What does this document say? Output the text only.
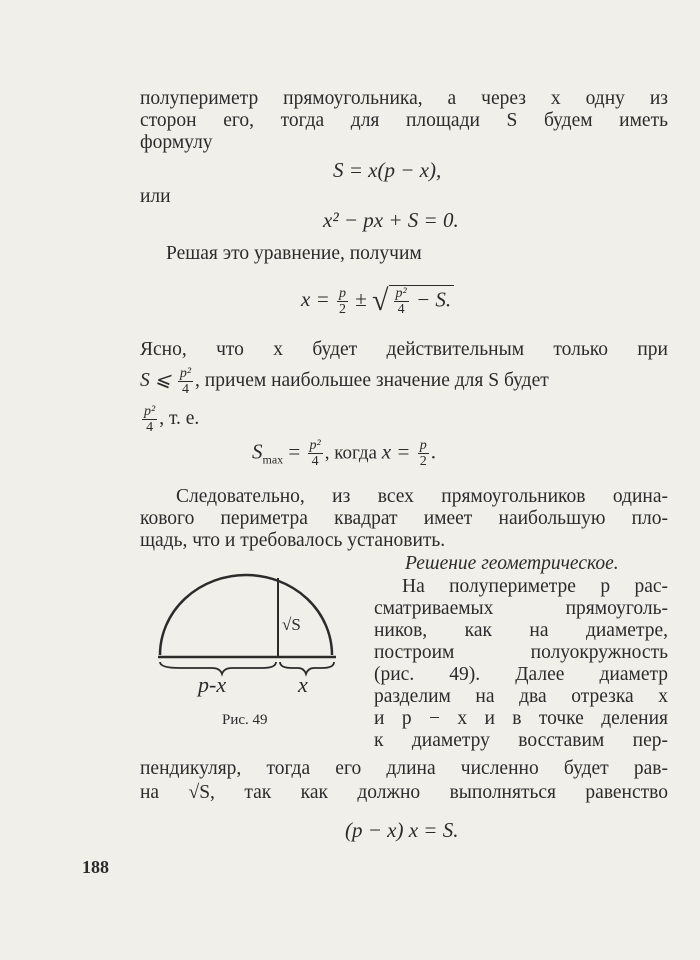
полупериметр прямоугольника, а через x одну из
сторон его, тогда для площади S будем иметь
формулу
S = x(p − x),
или
x² − px + S = 0.
Решая это уравнение, получим
$x = \frac{p}{2}$ ± √ $\frac{\text{p²}}{4} - S$.
Ясно, что x будет действительным только при
S ⩽ $\frac{\text{p²}}{4}$ , причем наибольшее значение для S будет
$\frac{\text{p²}}{4}$ , т. е.
$S_{max} = \frac{\text{p²}}{4}$ , когда $x = \frac{p}{2}$ .
Следовательно, из всех прямоугольников одина-
кового периметра квадрат имеет наибольшую пло-
щадь, что и требовалось установить.
Решение геометрическое.
На полупериметре p рас-
сматриваемых прямоуголь-
ников, как на диаметре,
построим полуокружность
(рис. 49). Далее диаметр
разделим на два отрезка x
и p − x и в точке деления
к диаметру восставим пер-
√S
p-x	x
Рис. 49
пендикуляр, тогда его длина численно будет рав-
на √S, так как должно выполняться равенство
(p − x) x = S.
188
